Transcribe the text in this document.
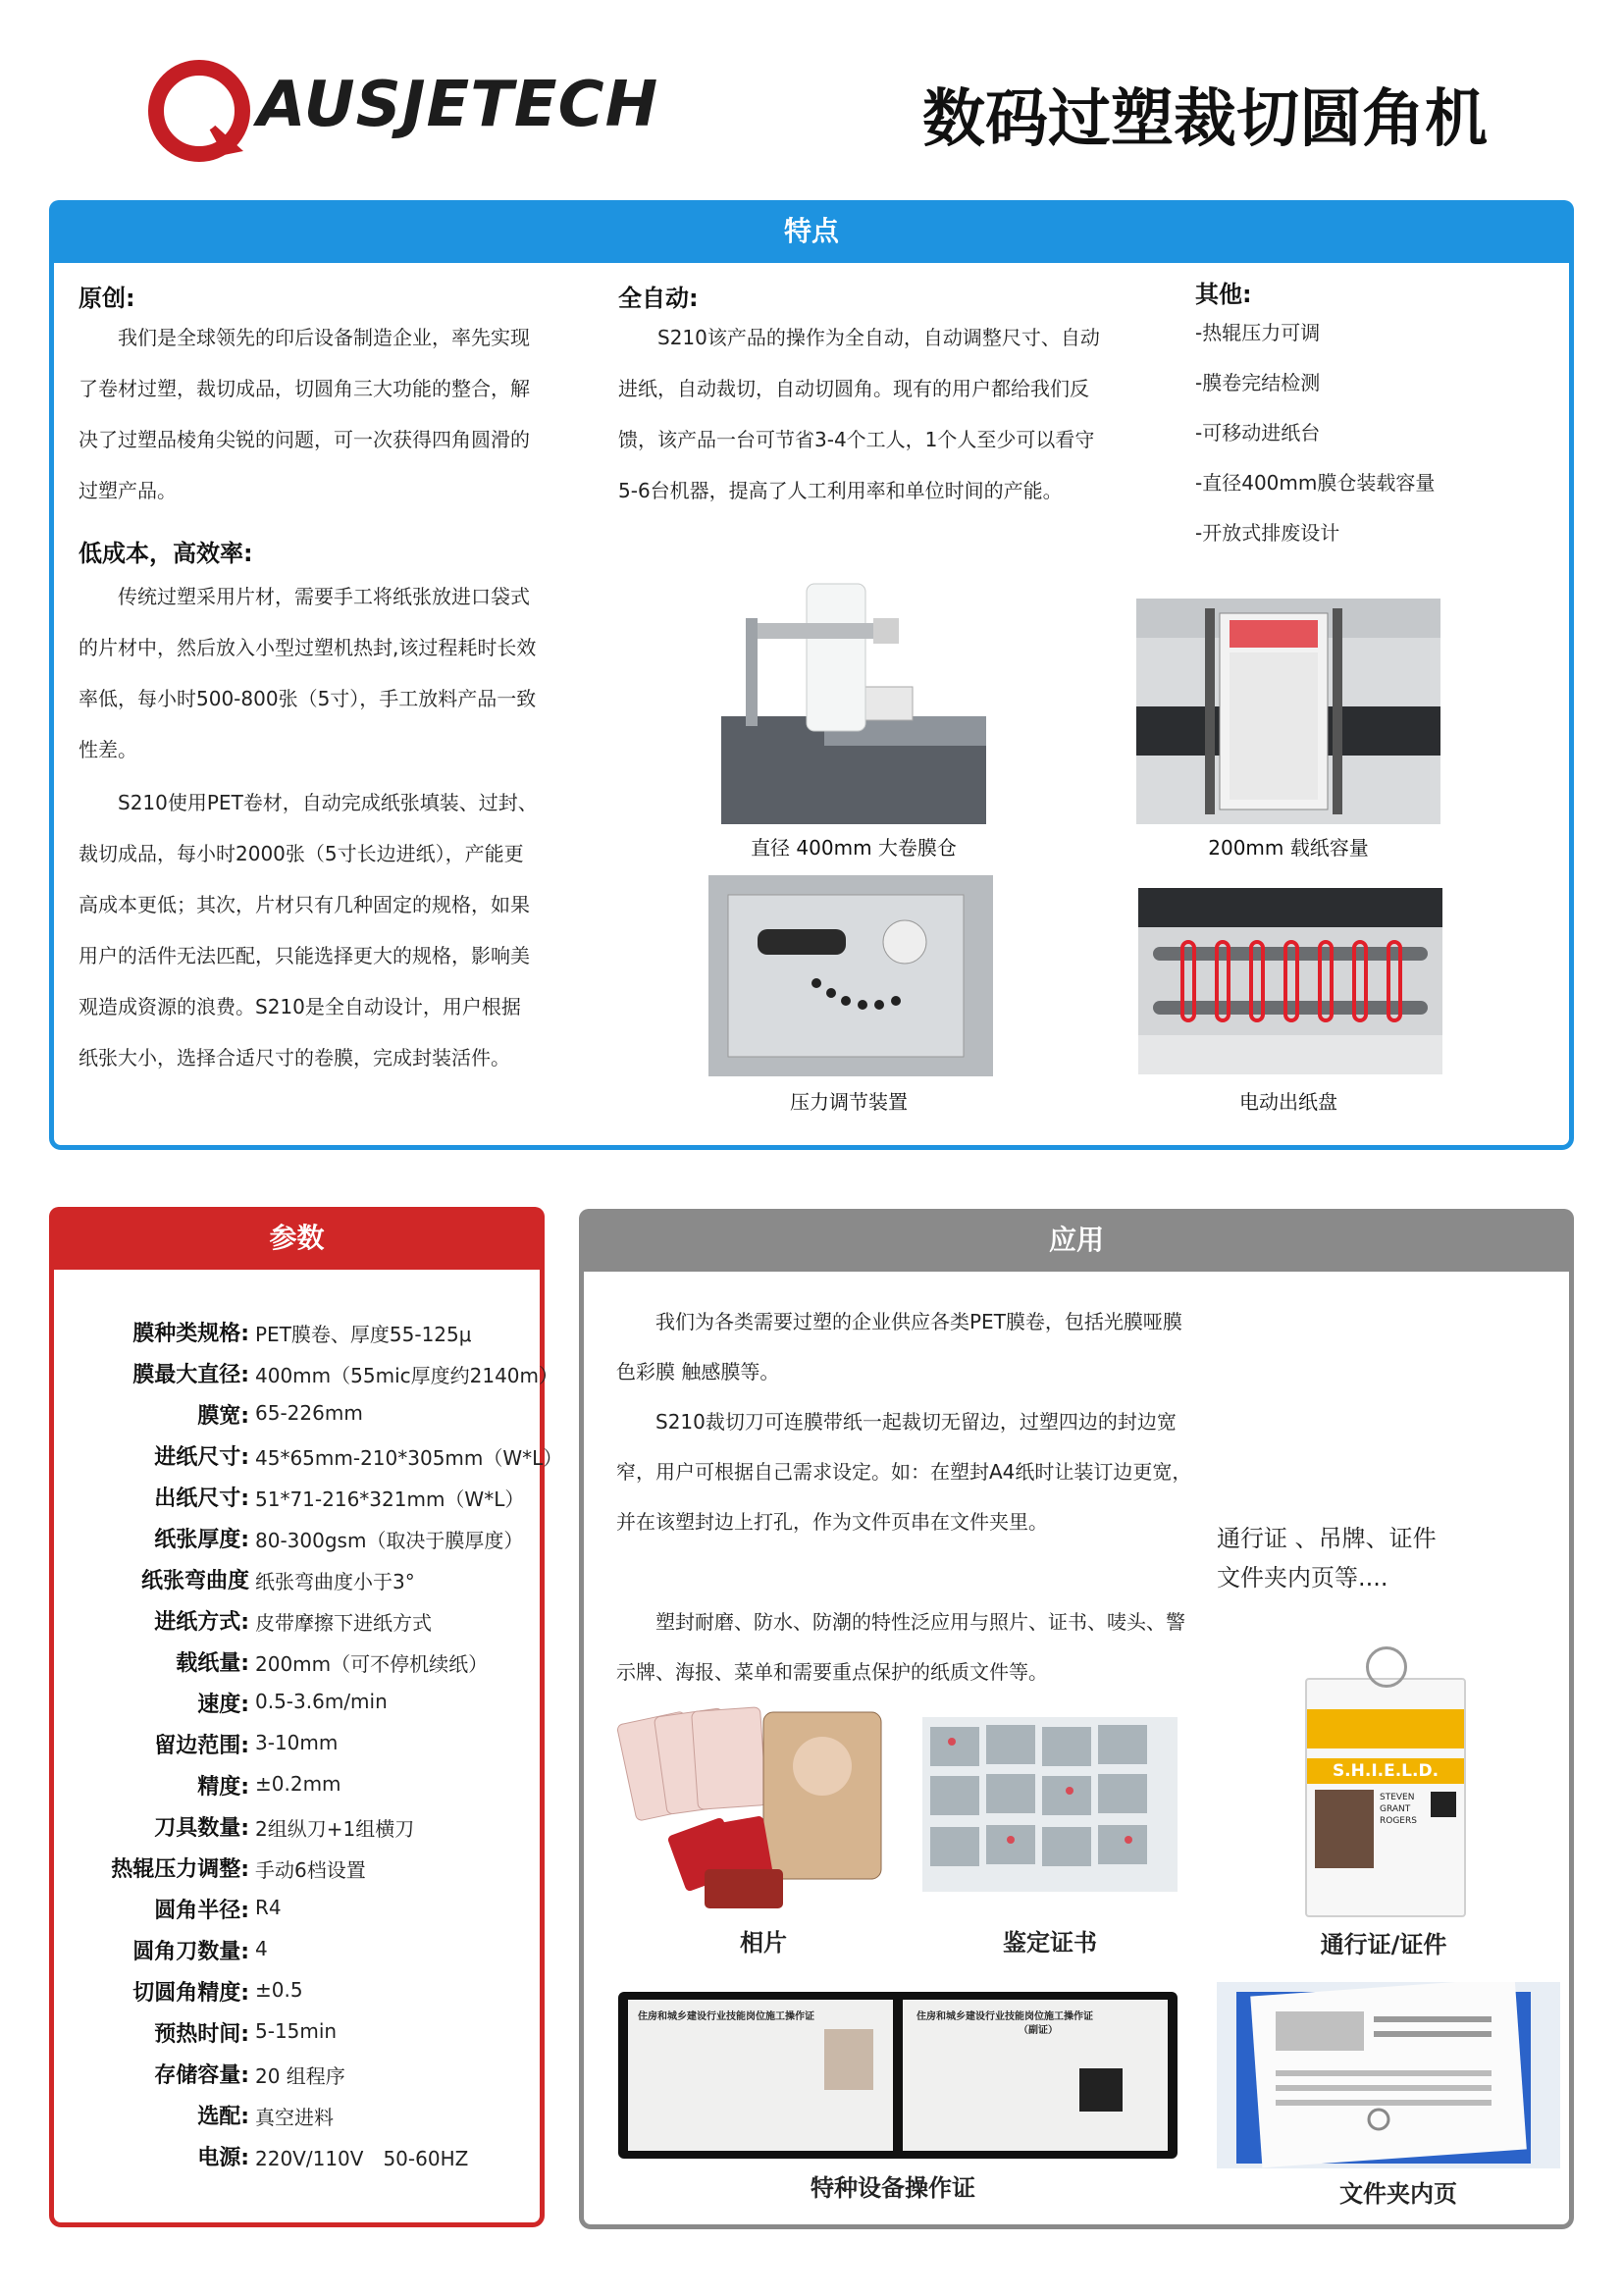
AUSJETECH	数码过塑裁切圆角机
特点
原创:
我们是全球领先的印后设备制造企业，率先实现了卷材过塑，裁切成品，切圆角三大功能的整合，解决了过塑品棱角尖锐的问题，可一次获得四角圆滑的过塑产品。
低成本，高效率:
传统过塑采用片材，需要手工将纸张放进口袋式的片材中，然后放入小型过塑机热封,该过程耗时长效率低，每小时500-800张（5寸），手工放料产品一致性差。
S210使用PET卷材，自动完成纸张填装、过封、裁切成品，每小时2000张（5寸长边进纸），产能更高成本更低；其次，片材只有几种固定的规格，如果用户的活件无法匹配，只能选择更大的规格，影响美观造成资源的浪费。S210是全自动设计，用户根据纸张大小，选择合适尺寸的卷膜，完成封装活件。
全自动:
S210该产品的操作为全自动，自动调整尺寸、自动进纸，自动裁切，自动切圆角。现有的用户都给我们反馈，该产品一台可节省3-4个工人，1个人至少可以看守5-6台机器，提高了人工利用率和单位时间的产能。
其他:
-热辊压力可调
-膜卷完结检测
-可移动进纸台
-直径400mm膜仓装载容量
-开放式排废设计
直径 400mm 大卷膜仓	200mm 载纸容量
压力调节装置	电动出纸盘
参数
膜种类规格: PET膜卷、厚度55-125μ
膜最大直径: 400mm（55mic厚度约2140m）
膜宽: 65-226mm
进纸尺寸: 45*65mm-210*305mm（W*L）
出纸尺寸: 51*71-216*321mm（W*L）
纸张厚度: 80-300gsm（取决于膜厚度）
纸张弯曲度 纸张弯曲度小于3°
进纸方式: 皮带摩擦下进纸方式
载纸量: 200mm（可不停机续纸）
速度: 0.5-3.6m/min
留边范围: 3-10mm
精度: ±0.2mm
刀具数量: 2组纵刀+1组横刀
热辊压力调整: 手动6档设置
圆角半径: R4
圆角刀数量: 4
切圆角精度: ±0.5
预热时间: 5-15min
存储容量: 20 组程序
选配: 真空进料
电源: 220V/110V　50-60HZ
应用
我们为各类需要过塑的企业供应各类PET膜卷，包括光膜哑膜 色彩膜 触感膜等。
S210裁切刀可连膜带纸一起裁切无留边，过塑四边的封边宽窄，用户可根据自己需求设定。如：在塑封A4纸时让装订边更宽，并在该塑封边上打孔，作为文件页串在文件夹里。
塑封耐磨、防水、防潮的特性泛应用与照片、证书、唛头、警示牌、海报、菜单和需要重点保护的纸质文件等。
通行证 、吊牌、证件
文件夹内页等....
相片	鉴定证书
S.H.I.E.L.D.
STEVEN
GRANT
ROGERS
通行证/证件
住房和城乡建设行业技能岗位施工操作证	住房和城乡建设行业技能岗位施工操作证
（副证）
特种设备操作证	文件夹内页
